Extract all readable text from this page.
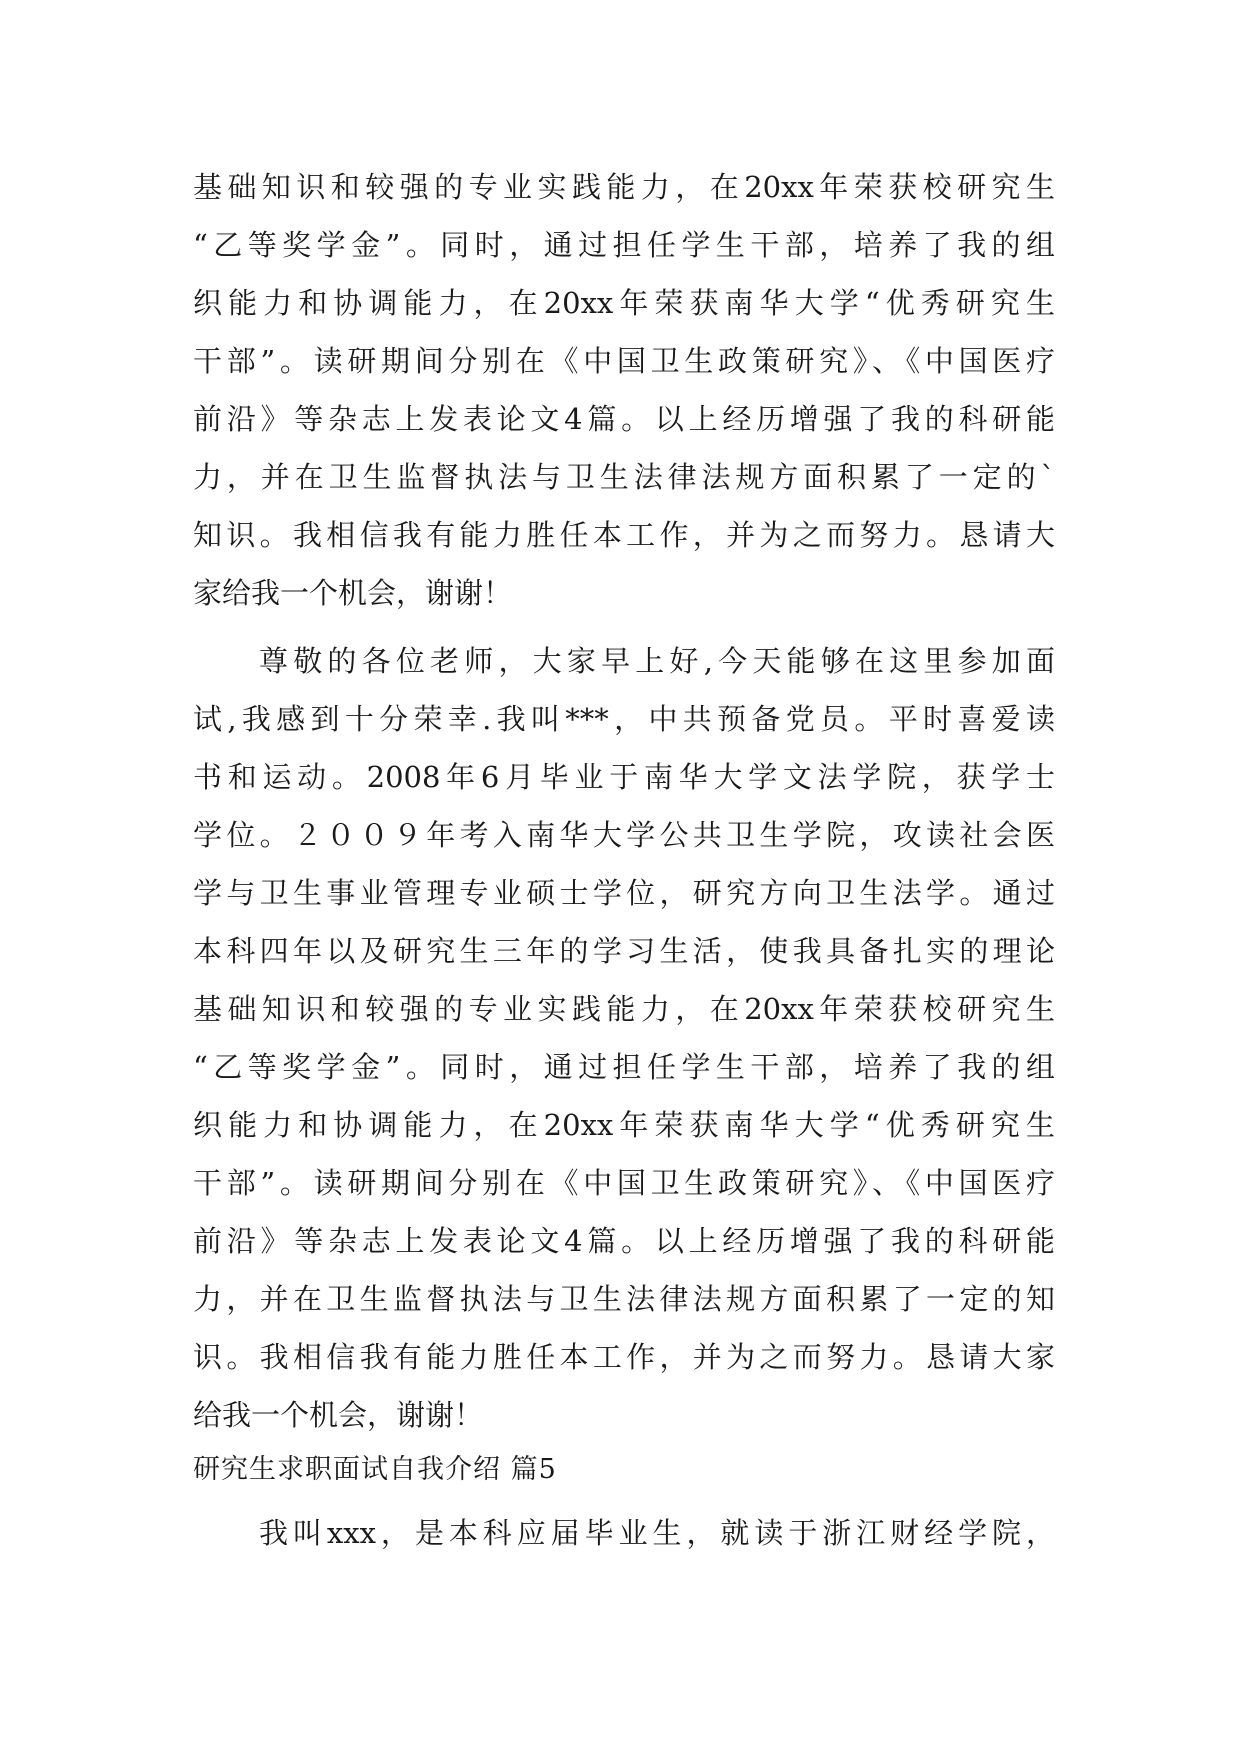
基础知识和较强的专业实践能力，在20xx年荣获校研究生
“乙等奖学金”。同时，通过担任学生干部，培养了我的组
织能力和协调能力，在20xx年荣获南华大学“优秀研究生
干部”。读研期间分别在《中国卫生政策研究》、《中国医疗
前沿》等杂志上发表论文4篇。以上经历增强了我的科研能
力，并在卫生监督执法与卫生法律法规方面积累了一定的`
知识。我相信我有能力胜任本工作，并为之而努力。恳请大
家给我一个机会，谢谢！
尊敬的各位老师，大家早上好,今天能够在这里参加面
试,我感到十分荣幸.我叫***，中共预备党员。平时喜爱读
书和运动。2008年6月毕业于南华大学文法学院，获学士
学位。２００９年考入南华大学公共卫生学院，攻读社会医
学与卫生事业管理专业硕士学位，研究方向卫生法学。通过
本科四年以及研究生三年的学习生活，使我具备扎实的理论
基础知识和较强的专业实践能力，在20xx年荣获校研究生
“乙等奖学金”。同时，通过担任学生干部，培养了我的组
织能力和协调能力，在20xx年荣获南华大学“优秀研究生
干部”。读研期间分别在《中国卫生政策研究》、《中国医疗
前沿》等杂志上发表论文4篇。以上经历增强了我的科研能
力，并在卫生监督执法与卫生法律法规方面积累了一定的知
识。我相信我有能力胜任本工作，并为之而努力。恳请大家
给我一个机会，谢谢！
研究生求职面试自我介绍 篇5
我叫xxx，是本科应届毕业生，就读于浙江财经学院，
